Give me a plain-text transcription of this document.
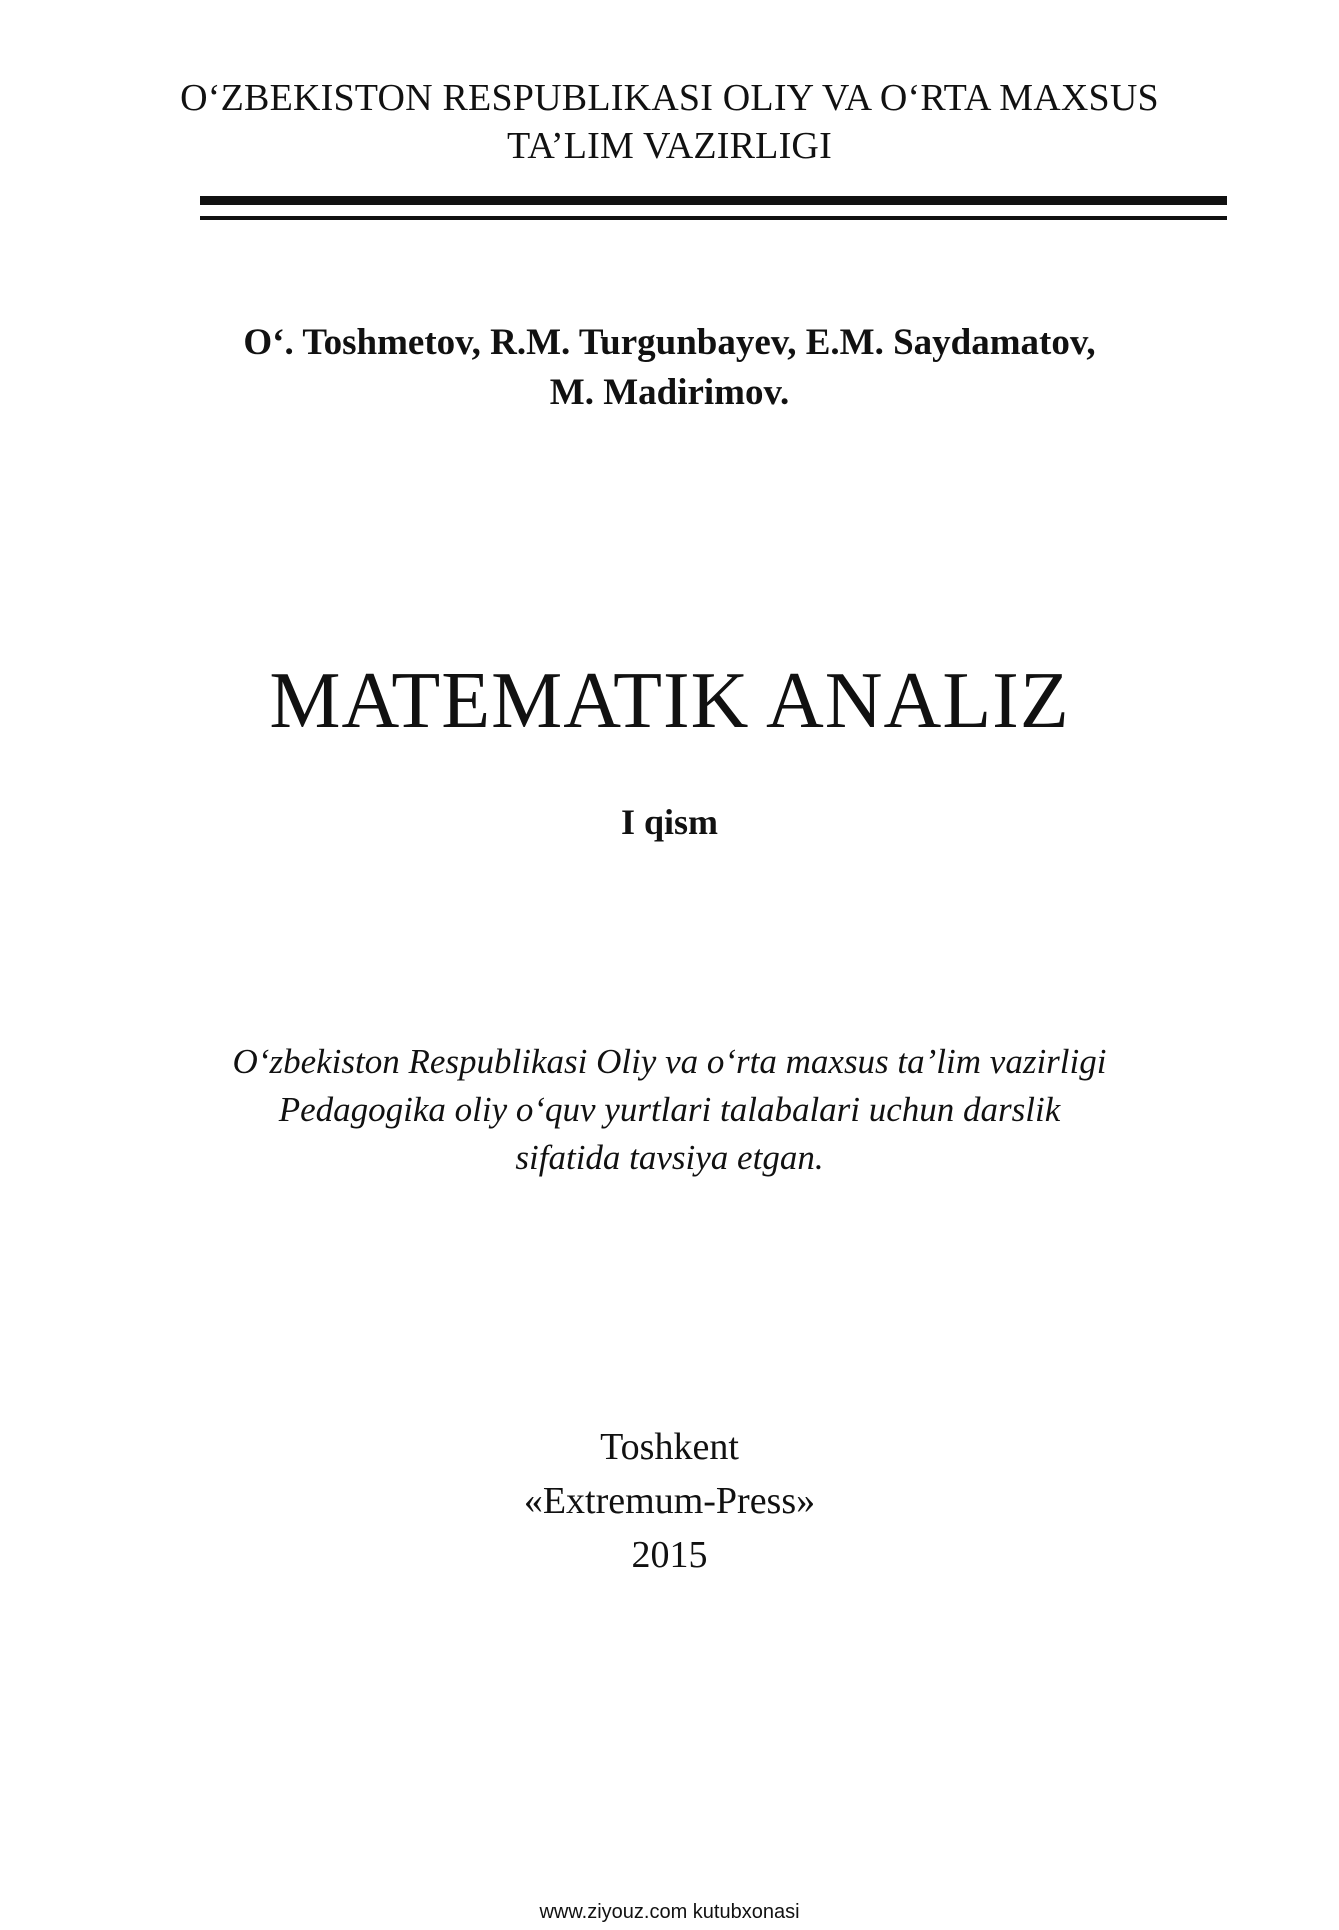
O‘ZBEKISTON RESPUBLIKASI OLIY VA O‘RTA MAXSUS
TA’LIM VAZIRLIGI
O‘. Toshmetov, R.M. Turgunbayev, E.M. Saydamatov,
M. Madirimov.
MATEMATIK ANALIZ
I qism
O‘zbekiston Respublikasi Oliy va o‘rta maxsus ta’lim vazirligi
Pedagogika oliy o‘quv yurtlari talabalari uchun darslik
sifatida tavsiya etgan.
Toshkent
«Extremum-Press»
2015
www.ziyouz.com kutubxonasi
